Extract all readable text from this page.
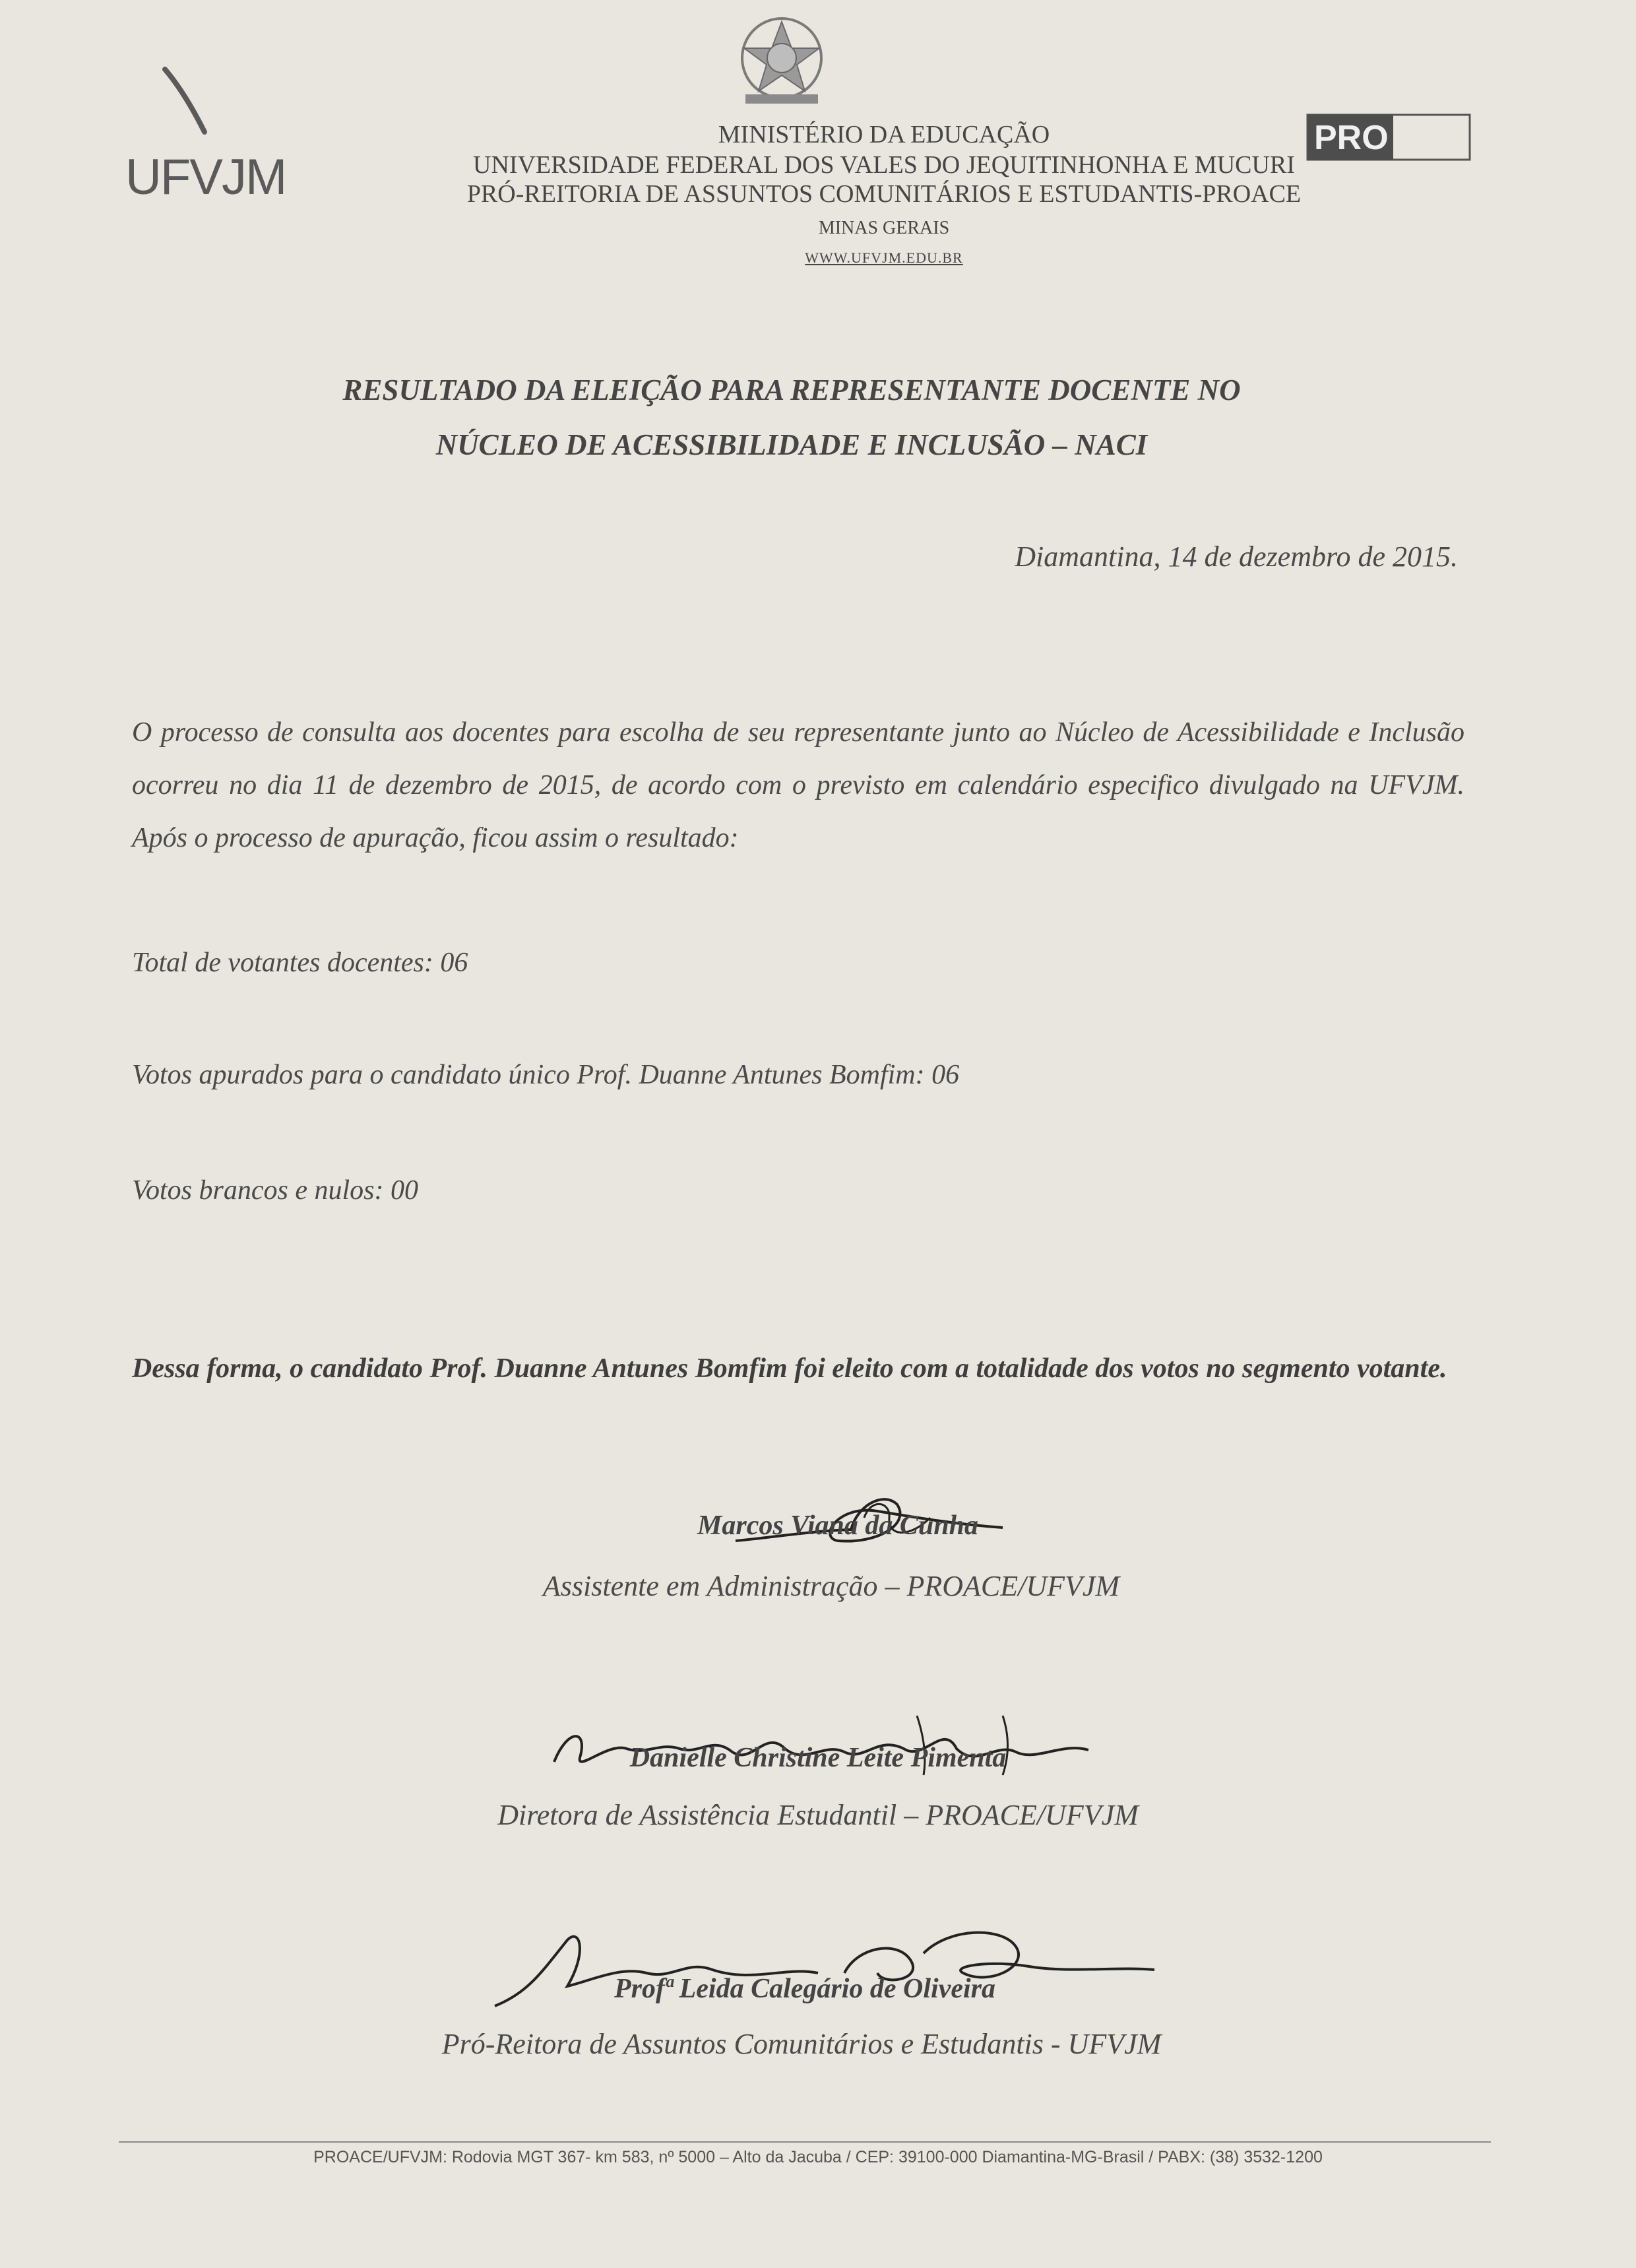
UFVJM
MINISTÉRIO DA EDUCAÇÃO
UNIVERSIDADE FEDERAL DOS VALES DO JEQUITINHONHA E MUCURI
PRÓ-REITORIA DE ASSUNTOS COMUNITÁRIOS E ESTUDANTIS-PROACE
MINAS GERAIS
WWW.UFVJM.EDU.BR
PRO
RESULTADO DA ELEIÇÃO PARA REPRESENTANTE DOCENTE NO
NÚCLEO DE ACESSIBILIDADE E INCLUSÃO – NACI
Diamantina, 14 de dezembro de 2015.
O processo de consulta aos docentes para escolha de seu representante junto ao Núcleo de Acessibilidade e Inclusão ocorreu no dia 11 de dezembro de 2015, de acordo com o previsto em calendário especifico divulgado na UFVJM. Após o processo de apuração, ficou assim o resultado:
Total de votantes docentes: 06
Votos apurados para o candidato único Prof. Duanne Antunes Bomfim: 06
Votos brancos e nulos: 00
Dessa forma, o candidato Prof. Duanne Antunes Bomfim foi eleito com a totalidade dos votos no segmento votante.
Marcos Viana da Cunha
Assistente em Administração – PROACE/UFVJM
Danielle Christine Leite Pimenta
Diretora de Assistência Estudantil – PROACE/UFVJM
Profª Leida Calegário de Oliveira
Pró-Reitora de Assuntos Comunitários e Estudantis - UFVJM
PROACE/UFVJM: Rodovia MGT 367- km 583, nº 5000 – Alto da Jacuba / CEP: 39100-000 Diamantina-MG-Brasil / PABX: (38) 3532-1200
